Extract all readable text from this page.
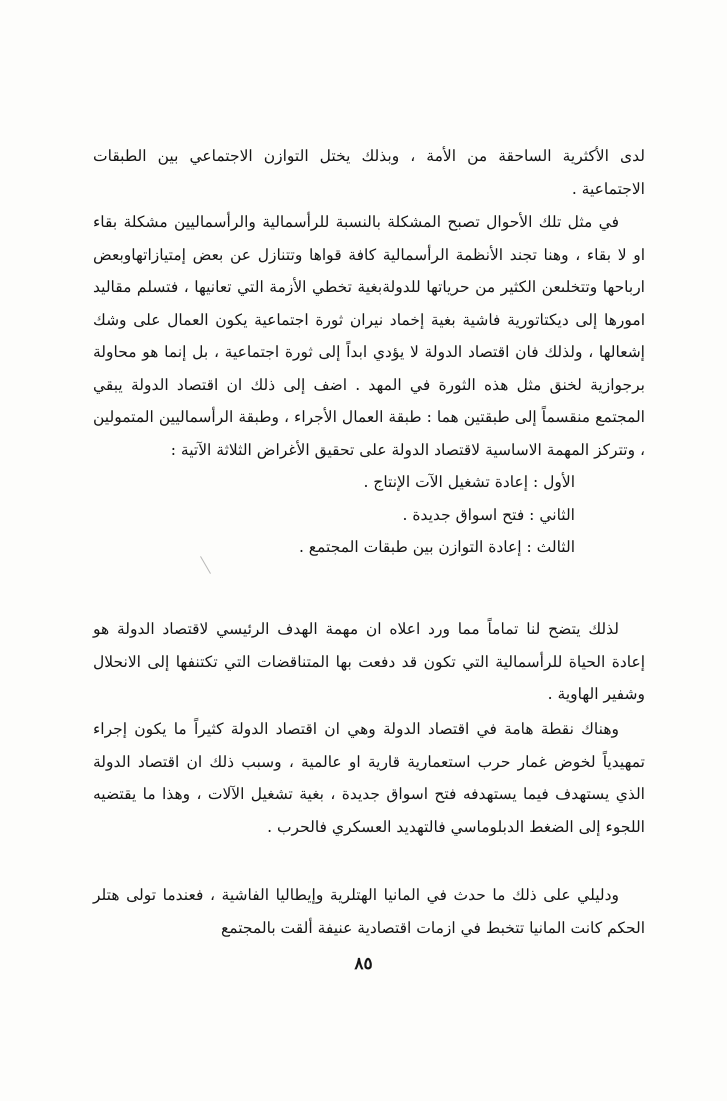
لدى الأكثرية الساحقة من الأمة ، وبذلك يختل التوازن الاجتماعي بين الطبقات الاجتماعية .

في مثل تلك الأحوال تصبح المشكلة بالنسبة للرأسمالية والرأسماليين مشكلة بقاء او لا بقاء ، وهنا تجند الأنظمة الرأسمالية كافة قواها وتتنازل عن بعض إمتيازاتهاوبعض ارباحها وتتخلىعن الكثير من حرياتها للدولةبغية تخطي الأزمة التي تعانيها ، فتسلم مقاليد امورها إلى ديكتاتورية فاشية بغية إخماد نيران ثورة اجتماعية يكون العمال على وشك إشعالها ، ولذلك فان اقتصاد الدولة لا يؤدي ابداً إلى ثورة اجتماعية ، بل إنما هو محاولة برجوازية لخنق مثل هذه الثورة في المهد . اضف إلى ذلك ان اقتصاد الدولة يبقي المجتمع منقسماً إلى طبقتين هما : طبقة العمال الأجراء ، وطبقة الرأسماليين المتمولين ، وتتركز المهمة الاساسية لاقتصاد الدولة على تحقيق الأغراض الثلاثة الآتية :

الأول : إعادة تشغيل الآت الإنتاج .

الثاني : فتح اسواق جديدة .

الثالث : إعادة التوازن بين طبقات المجتمع .

لذلك يتضح لنا تماماً مما ورد اعلاه ان مهمة الهدف الرئيسي لاقتصاد الدولة هو إعادة الحياة للرأسمالية التي تكون قد دفعت بها المتناقضات التي تكتنفها إلى الانحلال وشفير الهاوية .

وهناك نقطة هامة في اقتصاد الدولة وهي ان اقتصاد الدولة كثيراً ما يكون إجراء تمهيدياً لخوض غمار حرب استعمارية قارية او عالمية ، وسبب ذلك ان اقتصاد الدولة الذي يستهدف فيما يستهدفه فتح اسواق جديدة ، بغية تشغيل الآلات ، وهذا ما يقتضيه اللجوء إلى الضغط الدبلوماسي فالتهديد العسكري فالحرب .

ودليلي على ذلك ما حدث في المانيا الهتلرية وإيطاليا الفاشية ، فعندما تولى هتلر الحكم كانت المانيا تتخبط في ازمات اقتصادية عنيفة ألقت بالمجتمع

٨٥
